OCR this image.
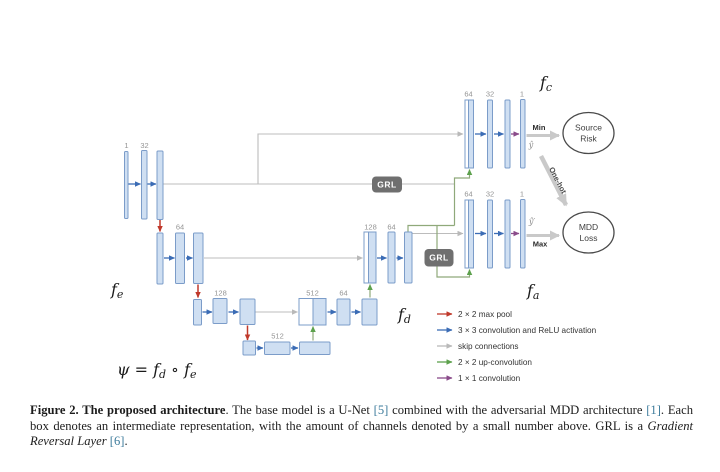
1 32
64
128
512
512	64
128 64
GRL
GRL
64 32	1
Min
ŷ
64 32	1
ŷ′
Max
One-hot
Source
Risk
MDD
Loss
fe
fd
fa
fc
ψ = fd ∘ fe
2 × 2 max pool
3 × 3 convolution and ReLU activation
skip connections
2 × 2 up-convolution
1 × 1 convolution
Figure 2. The proposed architecture. The base model is a U-Net [5] combined with the adversarial MDD architecture [1]. Each box denotes an intermediate representation, with the amount of channels denoted by a small number above. GRL is a Gradient Reversal Layer [6].
